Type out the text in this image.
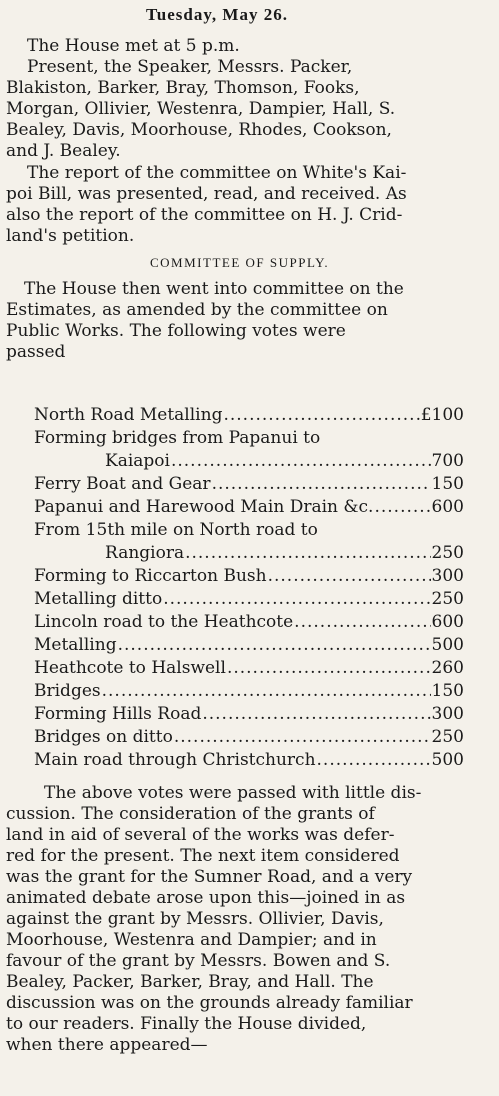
Tuesday, May 26.
The House met at 5 p.m.
Present, the Speaker, Messrs. Packer,
Blakiston, Barker, Bray, Thomson, Fooks,
Morgan, Ollivier, Westenra, Dampier, Hall, S.
Bealey, Davis, Moorhouse, Rhodes, Cookson,
and J. Bealey.
The report of the committee on White's Kai-
poi Bill, was presented, read, and received. As
also the report of the committee on H. J. Crid-
land's petition.
COMMITTEE OF SUPPLY.
The House then went into committee on the
Estimates, as amended by the committee on
Public Works. The following votes were
passed
North Road Metalling .....	£100
Forming bridges from Papanui to
Kaiapoi .....	700
Ferry Boat and Gear .....	150
Papanui and Harewood Main Drain &c. .....	600
From 15th mile on North road to
Rangiora .....	250
Forming to Riccarton Bush .....	300
Metalling ditto .....	250
Lincoln road to the Heathcote .....	600
Metalling .....	500
Heathcote to Halswell .....	260
Bridges .....	150
Forming Hills Road .....	300
Bridges on ditto .....	250
Main road through Christchurch .....	500
The above votes were passed with little dis-
cussion. The consideration of the grants of
land in aid of several of the works was defer-
red for the present. The next item considered
was the grant for the Sumner Road, and a very
animated debate arose upon this—joined in as
against the grant by Messrs. Ollivier, Davis,
Moorhouse, Westenra and Dampier; and in
favour of the grant by Messrs. Bowen and S.
Bealey, Packer, Barker, Bray, and Hall. The
discussion was on the grounds already familiar
to our readers. Finally the House divided,
when there appeared—
